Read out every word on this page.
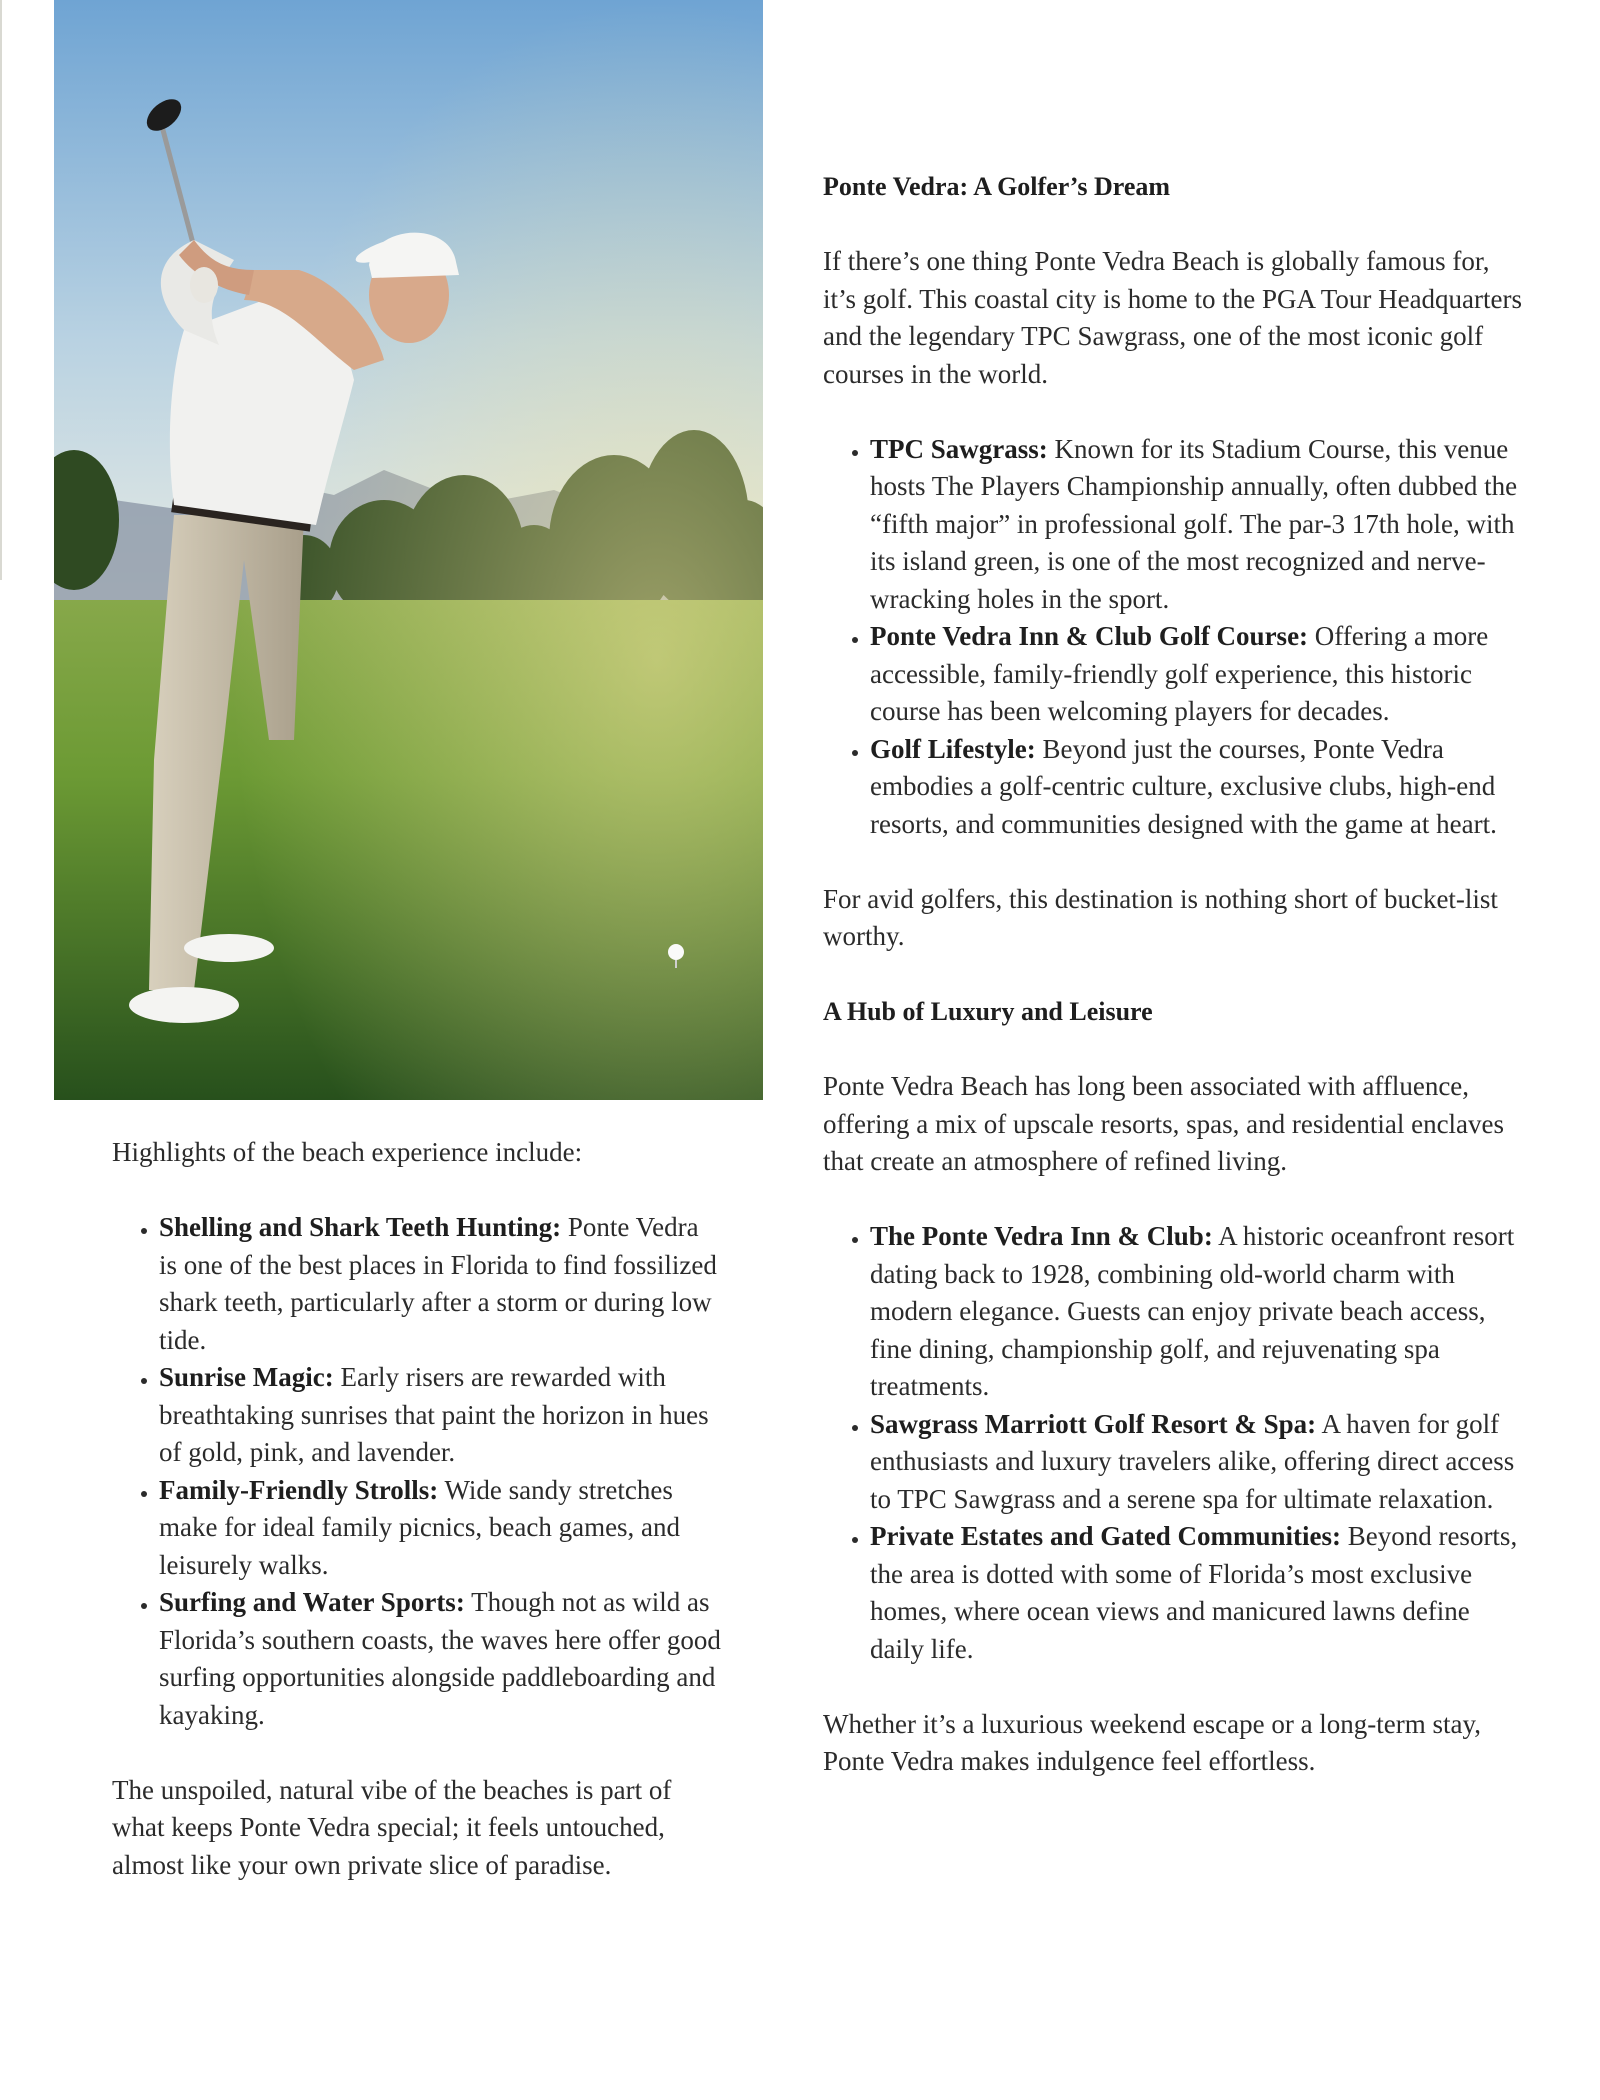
Ponte Vedra: A Golfer’s Dream

If there’s one thing Ponte Vedra Beach is globally famous for, it’s golf. This coastal city is home to the PGA Tour Headquarters and the legendary TPC Sawgrass, one of the most iconic golf courses in the world.

• TPC Sawgrass: Known for its Stadium Course, this venue hosts The Players Championship annually, often dubbed the “fifth major” in professional golf. The par-3 17th hole, with its island green, is one of the most recognized and nerve-wracking holes in the sport.
• Ponte Vedra Inn & Club Golf Course: Offering a more accessible, family-friendly golf experience, this historic course has been welcoming players for decades.
• Golf Lifestyle: Beyond just the courses, Ponte Vedra embodies a golf-centric culture, exclusive clubs, high-end resorts, and communities designed with the game at heart.

For avid golfers, this destination is nothing short of bucket-list worthy.

A Hub of Luxury and Leisure

Ponte Vedra Beach has long been associated with affluence, offering a mix of upscale resorts, spas, and residential enclaves that create an atmosphere of refined living.

• The Ponte Vedra Inn & Club: A historic oceanfront resort dating back to 1928, combining old-world charm with modern elegance. Guests can enjoy private beach access, fine dining, championship golf, and rejuvenating spa treatments.
• Sawgrass Marriott Golf Resort & Spa: A haven for golf enthusiasts and luxury travelers alike, offering direct access to TPC Sawgrass and a serene spa for ultimate relaxation.
• Private Estates and Gated Communities: Beyond resorts, the area is dotted with some of Florida’s most exclusive homes, where ocean views and manicured lawns define daily life.

Whether it’s a luxurious weekend escape or a long-term stay, Ponte Vedra makes indulgence feel effortless.

Highlights of the beach experience include:

• Shelling and Shark Teeth Hunting: Ponte Vedra is one of the best places in Florida to find fossilized shark teeth, particularly after a storm or during low tide.
• Sunrise Magic: Early risers are rewarded with breathtaking sunrises that paint the horizon in hues of gold, pink, and lavender.
• Family-Friendly Strolls: Wide sandy stretches make for ideal family picnics, beach games, and leisurely walks.
• Surfing and Water Sports: Though not as wild as Florida’s southern coasts, the waves here offer good surfing opportunities alongside paddleboarding and kayaking.

The unspoiled, natural vibe of the beaches is part of what keeps Ponte Vedra special; it feels untouched, almost like your own private slice of paradise.
